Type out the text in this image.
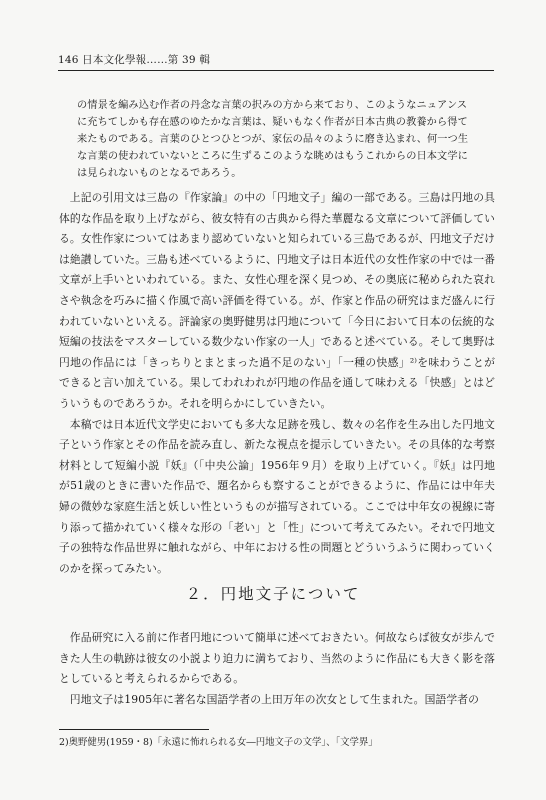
146 日本文化學報……第 39 輯
の情景を編み込む作者の丹念な言葉の択みの方から来ており、このようなニュアンスに充ちてしかも存在感のゆたかな言葉は、疑いもなく作者が日本古典の教養から得て来たものである。言葉のひとつひとつが、家伝の品々のように磨き込まれ、何一つ生な言葉の使われていないところに生ずるこのような眺めはもうこれからの日本文学には見られないものとなるであろう。

上記の引用文は三島の『作家論』の中の「円地文子」編の一部である。三島は円地の具体的な作品を取り上げながら、彼女特有の古典から得た華麗なる文章について評価している。女性作家についてはあまり認めていないと知られている三島であるが、円地文子だけは絶讃していた。三島も述べているように、円地文子は日本近代の女性作家の中では一番文章が上手いといわれている。また、女性心理を深く見つめ、その奥底に秘められた哀れさや執念を巧みに描く作風で高い評価を得ている。が、作家と作品の研究はまだ盛んに行われていないといえる。評論家の奥野健男は円地について「今日において日本の伝統的な短編の技法をマスターしている数少ない作家の一人」であると述べている。そして奥野は円地の作品には「きっちりとまとまった過不足のない」「一種の快感」²⁾を味わうことができると言い加えている。果してわれわれが円地の作品を通して味わえる「快感」とはどういうものであろうか。それを明らかにしていきたい。

本稿では日本近代文学史においても多大な足跡を残し、数々の名作を生み出した円地文子という作家とその作品を読み直し、新たな視点を提示していきたい。その具体的な考察材料として短編小説『妖』（「中央公論」1956年９月）を取り上げていく。『妖』は円地が51歳のときに書いた作品で、題名からも察することができるように、作品には中年夫婦の微妙な家庭生活と妖しい性というものが描写されている。ここでは中年女の視線に寄り添って描かれていく様々な形の「老い」と「性」について考えてみたい。それで円地文子の独特な作品世界に触れながら、中年における性の問題とどういうふうに関わっていくのかを探ってみたい。

２．円地文子について

作品研究に入る前に作者円地について簡単に述べておきたい。何故ならば彼女が歩んできた人生の軌跡は彼女の小説より迫力に満ちており、当然のように作品にも大きく影を落としていると考えられるからである。

円地文子は1905年に著名な国語学者の上田万年の次女として生まれた。国語学者の

2)奥野健男(1959・8)「永遠に怖れられる女―円地文子の文学」、「文学界」
